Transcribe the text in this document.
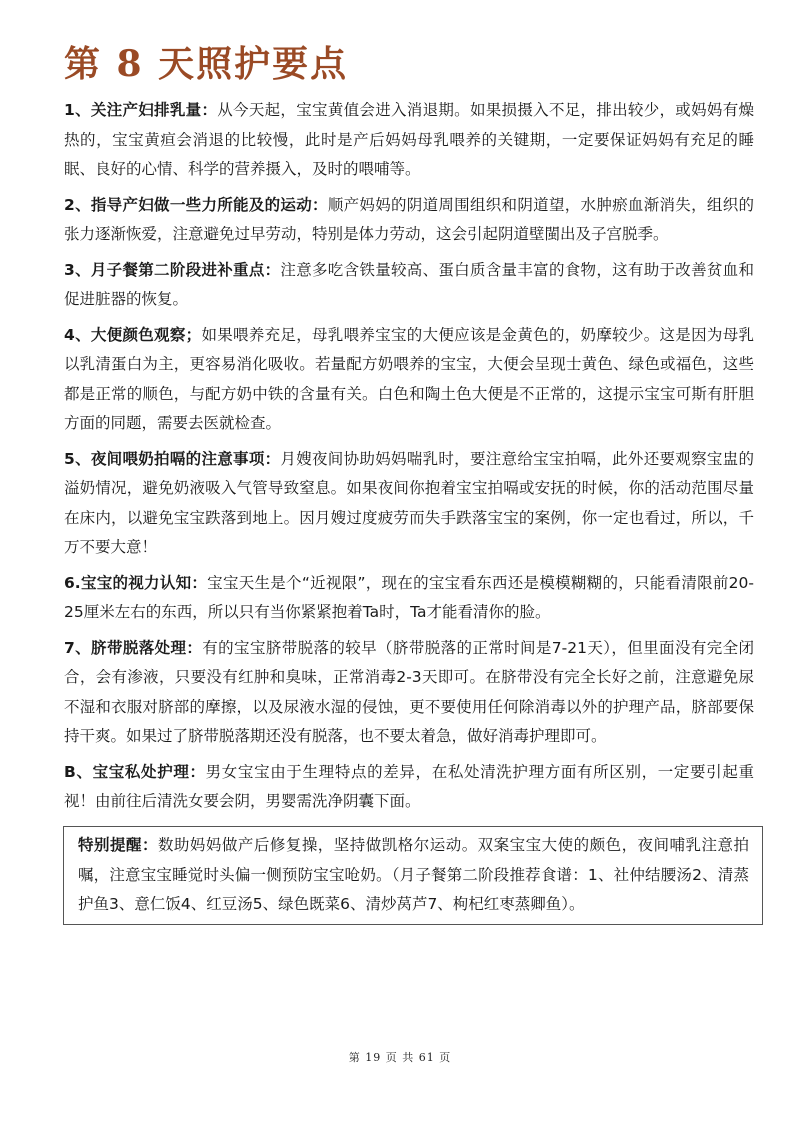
第 8 天照护要点

1、关注产妇排乳量：从今天起，宝宝黄值会进入消退期。如果损摄入不足，排出较少，或妈妈有燥热的，宝宝黄疸会消退的比较慢，此时是产后妈妈母乳喂养的关键期，一定要保证妈妈有充足的睡眠、良好的心情、科学的营养摄入，及时的喂哺等。

2、指导产妇做一些力所能及的运动：顺产妈妈的阴道周围组织和阴道望，水肿瘀血渐消失，组织的张力逐渐恢爱，注意避免过早劳动，特别是体力劳动，这会引起阴道壁閩出及子宫脱季。

3、月子餐第二阶段进补重点：注意多吃含铁量较高、蛋白质含量丰富的食物，这有助于改善贫血和促进脏器的恢复。

4、大便颜色观察；如果喂养充足，母乳喂养宝宝的大便应该是金黄色的，奶摩较少。这是因为母乳以乳清蛋白为主，更容易消化吸收。若量配方奶喂养的宝宝，大便会呈现士黄色、绿色或福色，这些都是正常的顺色，与配方奶中铁的含量有关。白色和陶土色大便是不正常的，这提示宝宝可斯有肝胆方面的同题，需要去医就检查。

5、夜间喂奶拍嗝的注意事项：月嫂夜间协助妈妈喘乳时，要注意给宝宝拍嗝，此外还要观察宝盅的溢奶情况，避免奶液吸入气管导致窒息。如果夜间你抱着宝宝拍嗝或安抚的时候，你的活动范围尽量在床内，以避免宝宝跌落到地上。因月嫂过度疲劳而失手跌落宝宝的案例，你一定也看过，所以，千万不要大意！

6.宝宝的视力认知：宝宝天生是个“近视限”，现在的宝宝看东西还是模模糊糊的，只能看清限前20-25厘米左右的东西，所以只有当你紧紧抱着Ta时，Ta才能看清你的脸。

7、脐带脱落处理：有的宝宝脐带脱落的较早（脐带脱落的正常时间是7-21天），但里面没有完全闭合，会有渗液，只要没有红肿和臭味，正常消毒2-3天即可。在脐带没有完全长好之前，注意避免尿不湿和衣服对脐部的摩擦，以及尿液水湿的侵蚀，更不要使用任何除消毒以外的护理产品，脐部要保持干爽。如果过了脐带脱落期还没有脱落，也不要太着急，做好消毒护理即可。

B、宝宝私处护理：男女宝宝由于生理特点的差异，在私处清洗护理方面有所区别，一定要引起重视！由前往后清洗女要会阴，男婴需洗净阴囊下面。

特别提醒：数助妈妈做产后修复操，坚持做凯格尔运动。双案宝宝大使的颇色，夜间哺乳注意拍嘱，注意宝宝睡觉时头偏一侧预防宝宝呛奶。（月子餐第二阶段推荐食谱：1、社仲结腰汤2、清蒸护鱼3、意仁饭4、红豆汤5、绿色既菜6、清炒莴芦7、枸杞红枣蒸卿鱼）。

第 19 页 共 61 页
